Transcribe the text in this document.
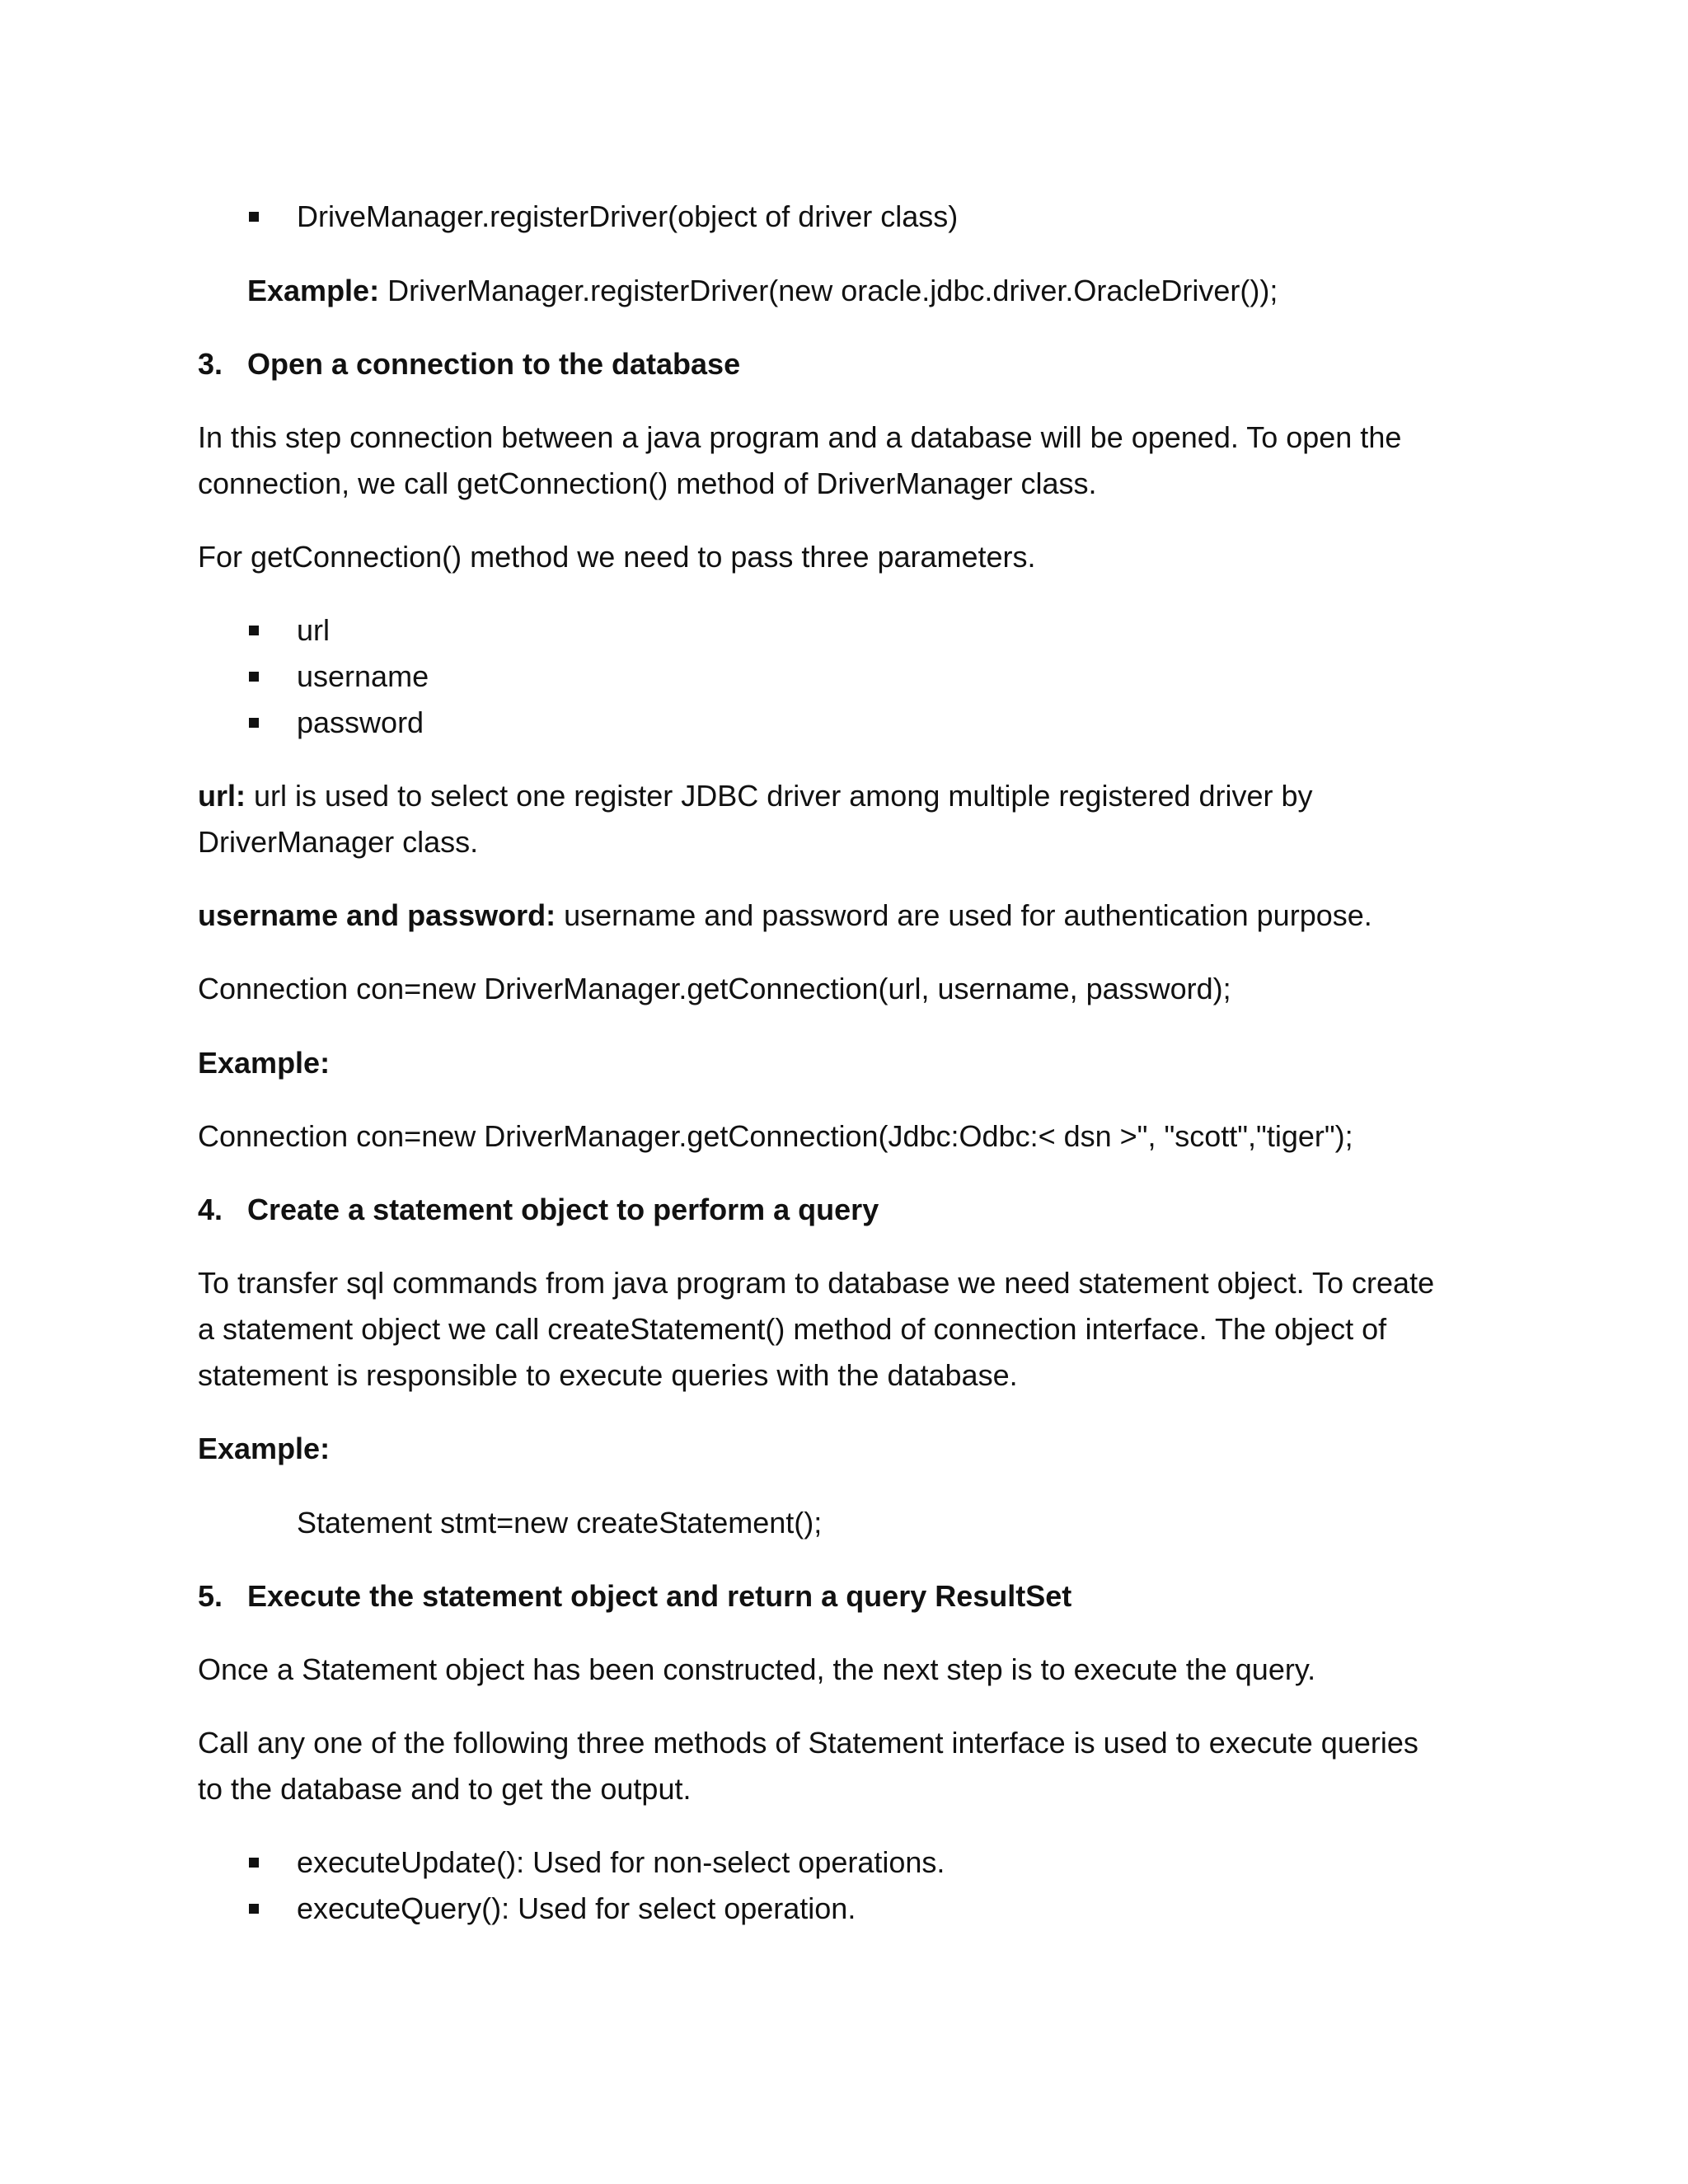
DriveManager.registerDriver(object of driver class)
Example: DriverManager.registerDriver(new oracle.jdbc.driver.OracleDriver());
3. Open a connection to the database
In this step connection between a java program and a database will be opened. To open the
connection, we call getConnection() method of DriverManager class.
For getConnection() method we need to pass three parameters.
url
username
password
url: url is used to select one register JDBC driver among multiple registered driver by
DriverManager class.
username and password: username and password are used for authentication purpose.
Connection con=new DriverManager.getConnection(url, username, password);
Example:
Connection con=new DriverManager.getConnection(Jdbc:Odbc:< dsn >", "scott","tiger");
4. Create a statement object to perform a query
To transfer sql commands from java program to database we need statement object. To create
a statement object we call createStatement() method of connection interface. The object of
statement is responsible to execute queries with the database.
Example:
Statement stmt=new createStatement();
5. Execute the statement object and return a query ResultSet
Once a Statement object has been constructed, the next step is to execute the query.
Call any one of the following three methods of Statement interface is used to execute queries
to the database and to get the output.
executeUpdate(): Used for non-select operations.
executeQuery(): Used for select operation.
